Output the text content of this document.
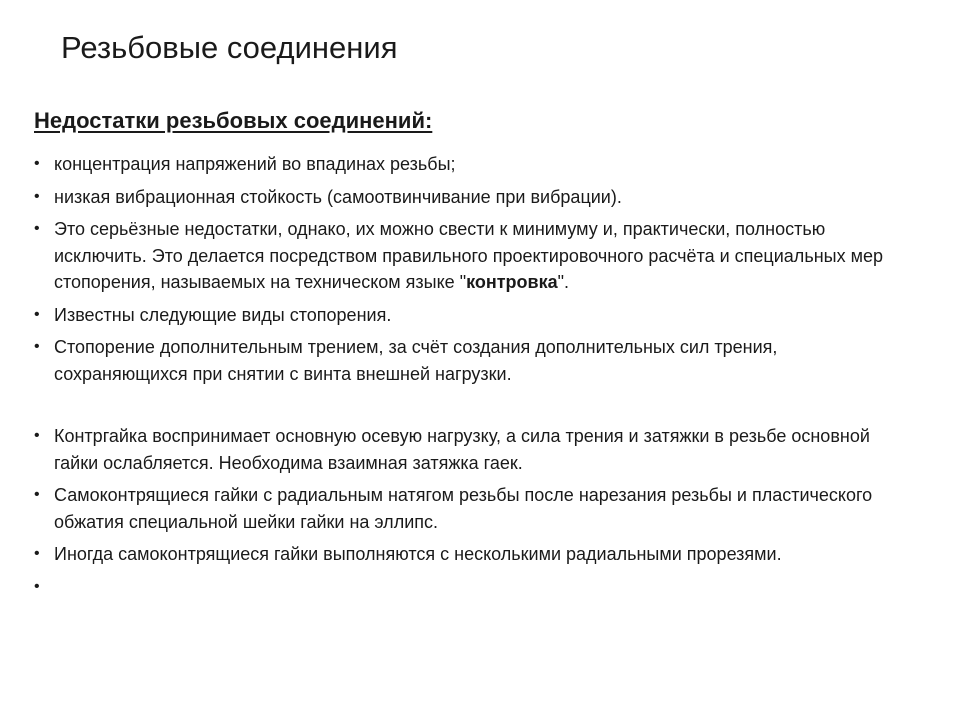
Резьбовые соединения
Недостатки резьбовых соединений:
• концентрация напряжений во впадинах резьбы;
• низкая вибрационная стойкость (самоотвинчивание при вибрации).
• Это серьёзные недостатки, однако, их можно свести к минимуму и, практически, полностью исключить. Это делается посредством правильного проектировочного расчёта и специальных мер стопорения, называемых на техническом языке "контровка".
• Известны следующие виды стопорения.
• Стопорение дополнительным трением, за счёт создания дополнительных сил трения, сохраняющихся при снятии с винта внешней нагрузки.
• Контргайка воспринимает основную осевую нагрузку, а сила трения и затяжки в резьбе основной гайки ослабляется. Необходима взаимная затяжка гаек.
• Самоконтрящиеся гайки с радиальным натягом резьбы после нарезания резьбы и пластического обжатия специальной шейки гайки на эллипс.
• Иногда самоконтрящиеся гайки выполняются с несколькими радиальными прорезями.
•
